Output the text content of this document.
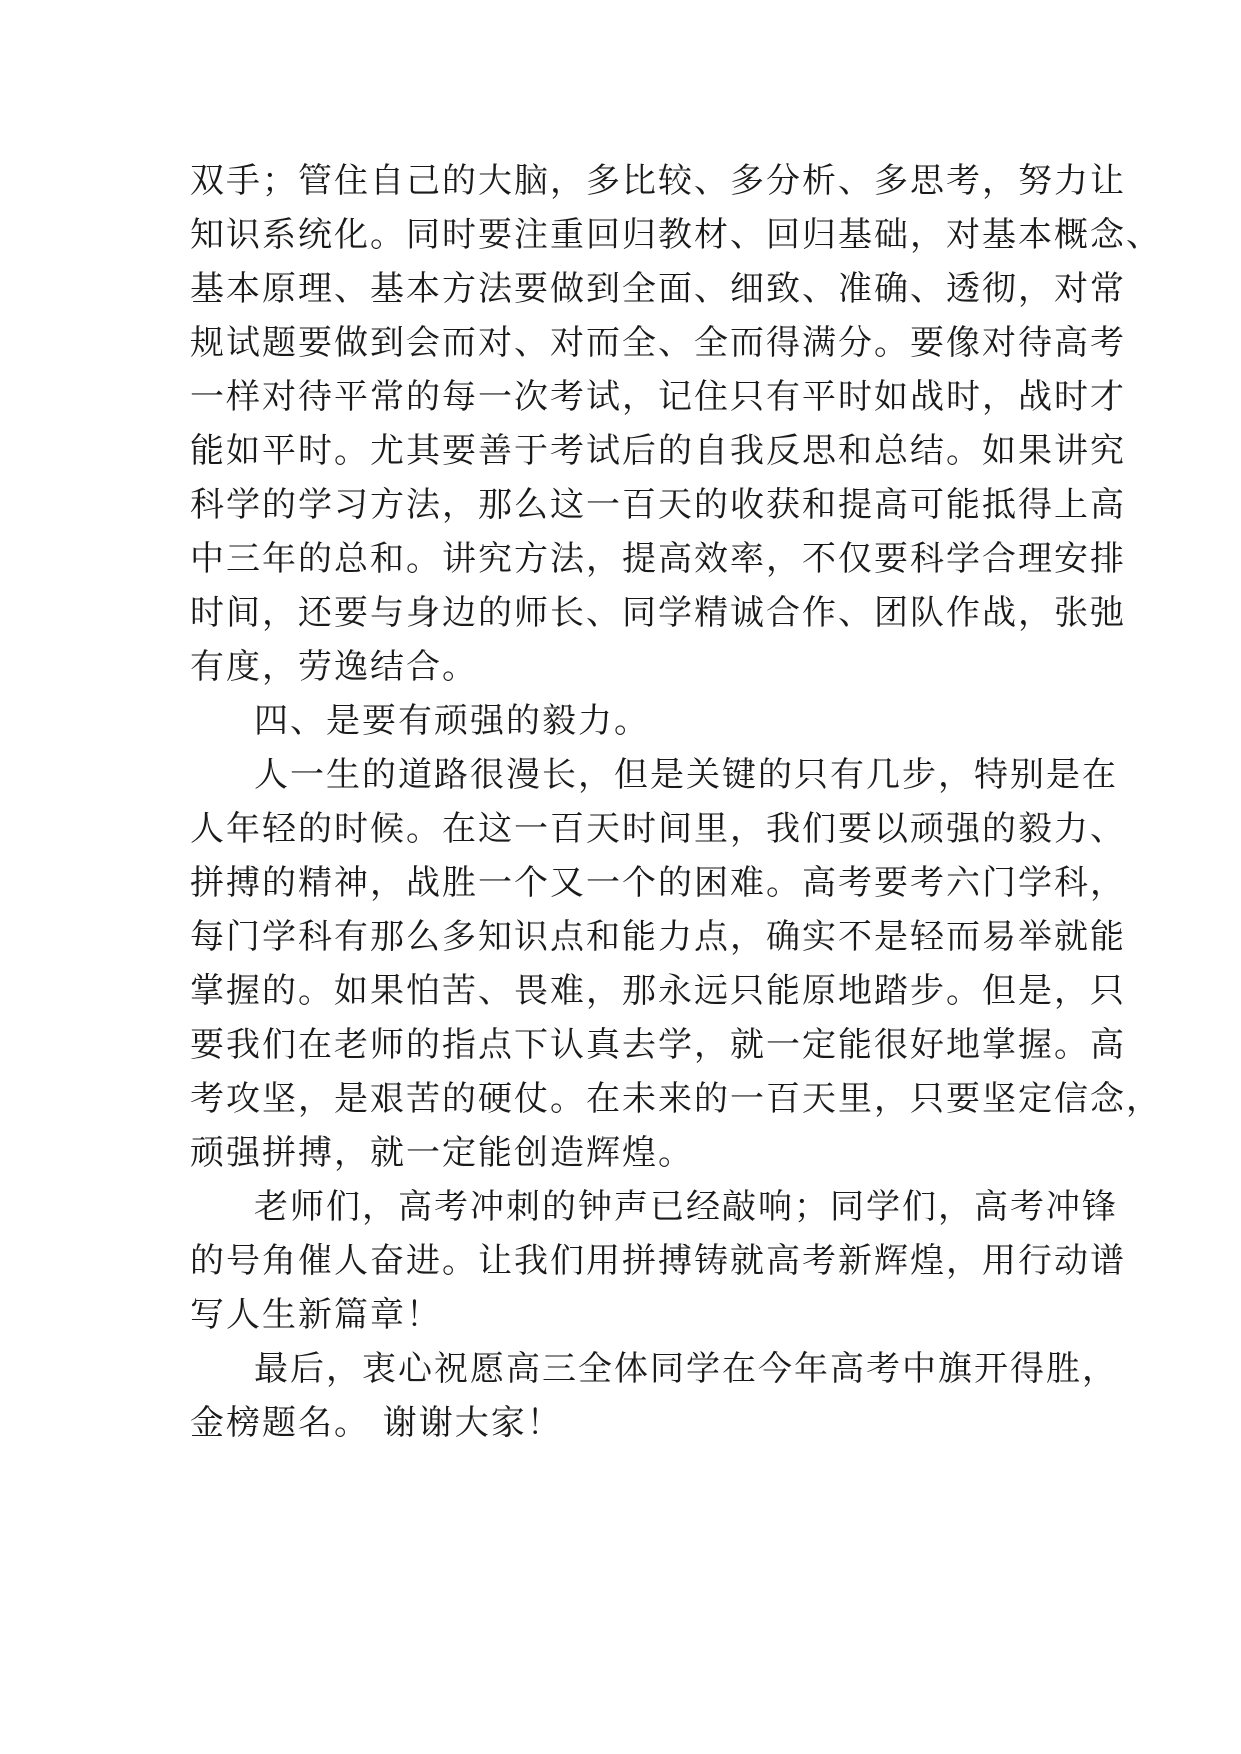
双手；管住自己的大脑，多比较、多分析、多思考，努力让
知识系统化。同时要注重回归教材、回归基础，对基本概念、
基本原理、基本方法要做到全面、细致、准确、透彻，对常
规试题要做到会而对、对而全、全而得满分。要像对待高考
一样对待平常的每一次考试，记住只有平时如战时，战时才
能如平时。尤其要善于考试后的自我反思和总结。如果讲究
科学的学习方法，那么这一百天的收获和提高可能抵得上高
中三年的总和。讲究方法，提高效率，不仅要科学合理安排
时间，还要与身边的师长、同学精诚合作、团队作战，张弛
有度，劳逸结合。

四、是要有顽强的毅力。

人一生的道路很漫长，但是关键的只有几步，特别是在
人年轻的时候。在这一百天时间里，我们要以顽强的毅力、
拼搏的精神，战胜一个又一个的困难。高考要考六门学科，
每门学科有那么多知识点和能力点，确实不是轻而易举就能
掌握的。如果怕苦、畏难，那永远只能原地踏步。但是，只
要我们在老师的指点下认真去学，就一定能很好地掌握。高
考攻坚，是艰苦的硬仗。在未来的一百天里，只要坚定信念，
顽强拼搏，就一定能创造辉煌。

老师们，高考冲刺的钟声已经敲响；同学们，高考冲锋
的号角催人奋进。让我们用拼搏铸就高考新辉煌，用行动谱
写人生新篇章！

最后，衷心祝愿高三全体同学在今年高考中旗开得胜，
金榜题名。 谢谢大家！
